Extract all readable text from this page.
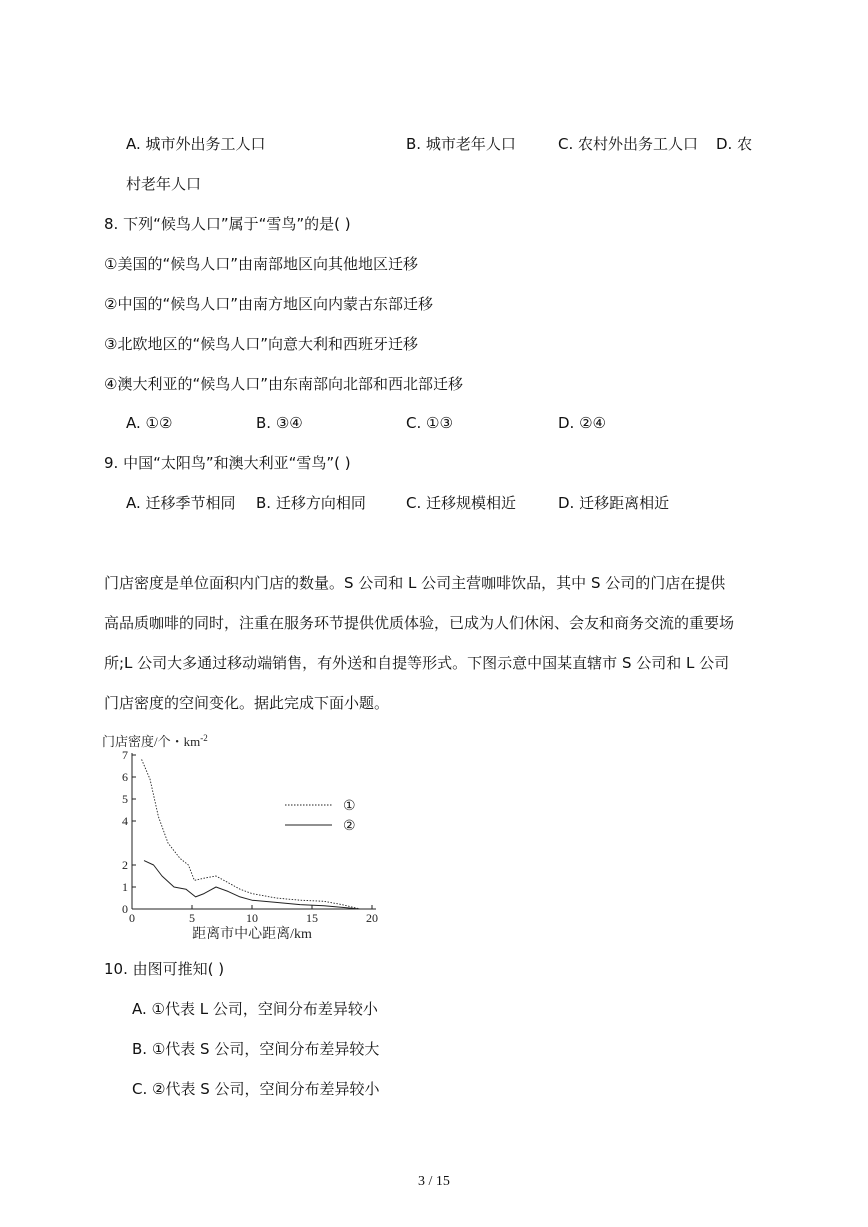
A. 城市外出务工人口	B. 城市老年人口	C. 农村外出务工人口 D. 农
村老年人口
8. 下列“候鸟人口”属于“雪鸟”的是( )
①美国的“候鸟人口”由南部地区向其他地区迁移
②中国的“候鸟人口”由南方地区向内蒙古东部迁移
③北欧地区的“候鸟人口”向意大利和西班牙迁移
④澳大利亚的“候鸟人口”由东南部向北部和西北部迁移
A. ①②	B. ③④	C. ①③	D. ②④
9. 中国“太阳鸟”和澳大利亚“雪鸟”( )
A. 迁移季节相同 B. 迁移方向相同	C. 迁移规模相近	D. 迁移距离相近
门店密度是单位面积内门店的数量。S 公司和 L 公司主营咖啡饮品，其中 S 公司的门店在提供
高品质咖啡的同时，注重在服务环节提供优质体验，已成为人们休闲、会友和商务交流的重要场
所;L 公司大多通过移动端销售，有外送和自提等形式。下图示意中国某直辖市 S 公司和 L 公司
门店密度的空间变化。据此完成下面小题。
门店密度/个・$km^{-2}$
0
1
2
4
5
6
7
0	5	10	15	20
①
②
距离市中心距离/km
10. 由图可推知( )
A. ①代表 L 公司，空间分布差异较小
B. ①代表 S 公司，空间分布差异较大
C. ②代表 S 公司，空间分布差异较小
3 / 15
